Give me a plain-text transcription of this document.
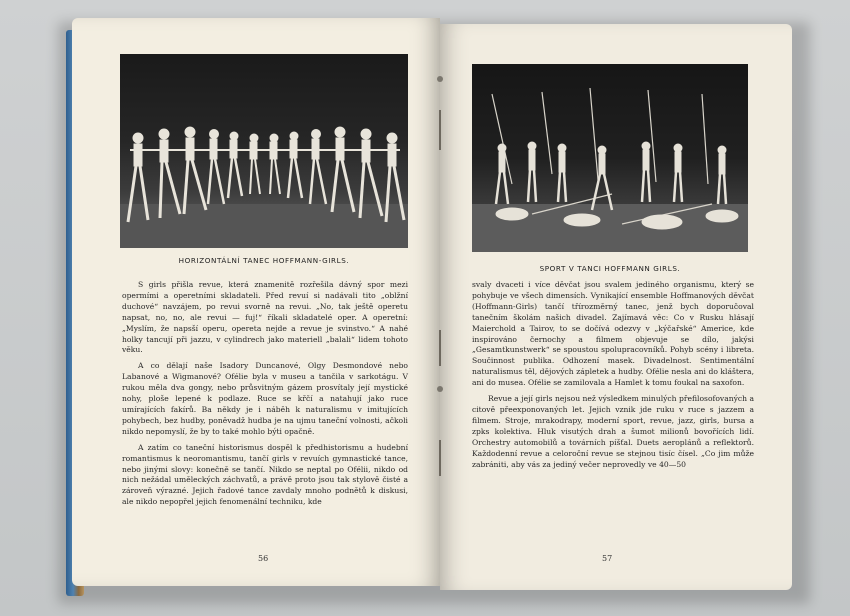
HORIZONTÁLNÍ TANEC HOFFMANN-GIRLS.

S girls přišla revue, která znamenitě rozřešila dávný spor mezi opermími a operetními skladateli. Před revuí si nadávali tito „oblžní duchové“ navzájem, po revui svorně na revui. „No, tak ještě operetu napsat, no, no, ale revui — fuj!“ říkali skladatelé oper. A operetní: „Myslím, že napsší operu, opereta nejde a revue je svinstvo.“ A nahé holky tancují při jazzu, v cylindrech jako materiell „balali“ lidem tohoto věku.

A co dělají naše Isadory Duncanové, Olgy Desmondové nebo Labanové a Wigmanové? Ofélie byla v museu a tančila v sarkotágu. V rukou měla dva gongy, nebo průsvitným gázem prosvítaly její mystické nohy, ploše lepené k podlaze. Ruce se křčí a natahují jako ruce umírajících fakírů. Ba někdy je i náběh k naturalismu v imitujících pohybech, bez hudby, poněvadž hudba je na ujmu taneční volnosti, ačkoli nikdo nepomyslí, že by to také mohlo býti opačně.

A zatím co taneční historismus dospěl k předhistorismu a hudební romantismus k neoromantismu, tančí girls v revuích gymnastické tance, nebo jinými slovy: konečně se tančí. Nikdo se neptal po Ofélii, nikdo od nich nežádal uměleckých záchvatů, a právě proto jsou tak stylově čisté a zároveň výrazné. Jejich řadové tance zavdaly mnoho podnětů k diskusi, ale nikdo nepopřel jejich fenomenální techniku, kde

56
SPORT V TANCI HOFFMANN GIRLS.

svaly dvaceti i více děvčat jsou svalem jediného organismu, který se pohybuje ve všech dimensích. Vynikající ensemble Hoffmanových děvčat (Hoffmann-Girls) tančí třírozměrný tanec, jenž bych doporučoval tanečním školám našich divadel. Zajímavá věc: Co v Rusku hlásají Maierchold a Tairov, to se dočívá odezvy v „kýčařské“ Americe, kde inspirováno černochy a filmem objevuje se dílo, jakýsi „Gesamtkunstwerk“ se spoustou spolupracovníků. Pohyb scény i libreta. Součinnost publika. Odhození masek. Divadelnost. Sentimentální naturalismus těl, dějových zápletek a hudby. Ofélie nesla ani do kláštera, ani do musea. Ofélie se zamilovala a Hamlet k tomu foukal na saxofon.

Revue a její girls nejsou než výsledkem minulých přefilosofovaných a citově přeexponovaných let. Jejich vznik jde ruku v ruce s jazzem a filmem. Stroje, mrakodrapy, moderní sport, revue, jazz, girls, bursa a zpks kolektiva. Hluk visutých drah a šumot milionů bovořících lidí. Orchestry automobilů a továrních píšťal. Duets aeroplánů a reflektorů. Každodenní revue a celoroční revue se stejnou tisíc čísel. „Co jim může zabrániti, aby vás za jediný večer neprovedly ve 40—50

57
